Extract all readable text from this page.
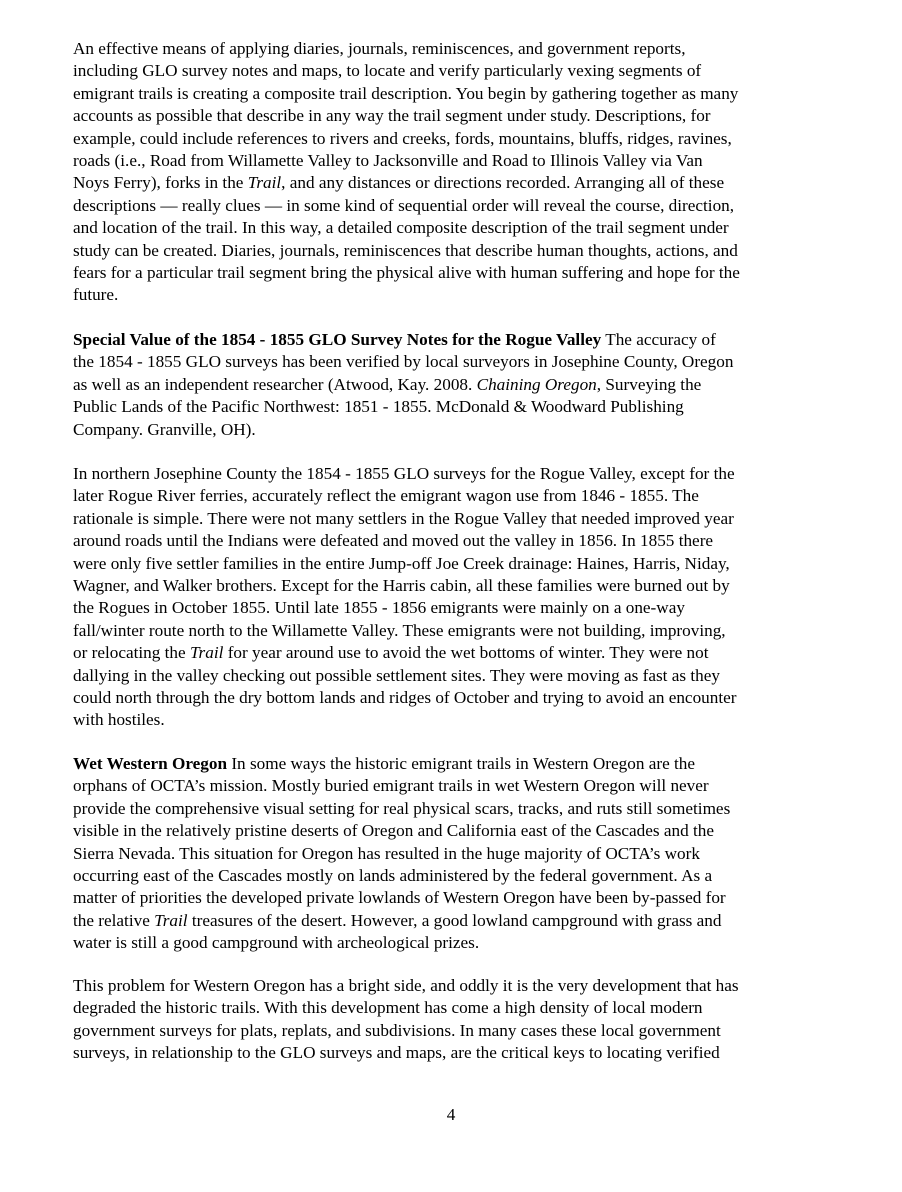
An effective means of applying diaries, journals, reminiscences, and government reports,
including GLO survey notes and maps, to locate and verify particularly vexing segments of
emigrant trails is creating a composite trail description. You begin by gathering together as many
accounts as possible that describe in any way the trail segment under study. Descriptions, for
example, could include references to rivers and creeks, fords, mountains, bluffs, ridges, ravines,
roads (i.e., Road from Willamette Valley to Jacksonville and Road to Illinois Valley via Van
Noys Ferry), forks in the Trail, and any distances or directions recorded. Arranging all of these
descriptions — really clues — in some kind of sequential order will reveal the course, direction,
and location of the trail. In this way, a detailed composite description of the trail segment under
study can be created. Diaries, journals, reminiscences that describe human thoughts, actions, and
fears for a particular trail segment bring the physical alive with human suffering and hope for the
future.
Special Value of the 1854 - 1855 GLO Survey Notes for the Rogue Valley The accuracy of
the 1854 - 1855 GLO surveys has been verified by local surveyors in Josephine County, Oregon
as well as an independent researcher (Atwood, Kay. 2008. Chaining Oregon, Surveying the
Public Lands of the Pacific Northwest: 1851 - 1855. McDonald & Woodward Publishing
Company. Granville, OH).
In northern Josephine County the 1854 - 1855 GLO surveys for the Rogue Valley, except for the
later Rogue River ferries, accurately reflect the emigrant wagon use from 1846 - 1855. The
rationale is simple. There were not many settlers in the Rogue Valley that needed improved year
around roads until the Indians were defeated and moved out the valley in 1856. In 1855 there
were only five settler families in the entire Jump-off Joe Creek drainage: Haines, Harris, Niday,
Wagner, and Walker brothers. Except for the Harris cabin, all these families were burned out by
the Rogues in October 1855. Until late 1855 - 1856 emigrants were mainly on a one-way
fall/winter route north to the Willamette Valley. These emigrants were not building, improving,
or relocating the Trail for year around use to avoid the wet bottoms of winter. They were not
dallying in the valley checking out possible settlement sites. They were moving as fast as they
could north through the dry bottom lands and ridges of October and trying to avoid an encounter
with hostiles.
Wet Western Oregon In some ways the historic emigrant trails in Western Oregon are the
orphans of OCTA’s mission. Mostly buried emigrant trails in wet Western Oregon will never
provide the comprehensive visual setting for real physical scars, tracks, and ruts still sometimes
visible in the relatively pristine deserts of Oregon and California east of the Cascades and the
Sierra Nevada. This situation for Oregon has resulted in the huge majority of OCTA’s work
occurring east of the Cascades mostly on lands administered by the federal government. As a
matter of priorities the developed private lowlands of Western Oregon have been by-passed for
the relative Trail treasures of the desert. However, a good lowland campground with grass and
water is still a good campground with archeological prizes.
This problem for Western Oregon has a bright side, and oddly it is the very development that has
degraded the historic trails. With this development has come a high density of local modern
government surveys for plats, replats, and subdivisions. In many cases these local government
surveys, in relationship to the GLO surveys and maps, are the critical keys to locating verified
4
